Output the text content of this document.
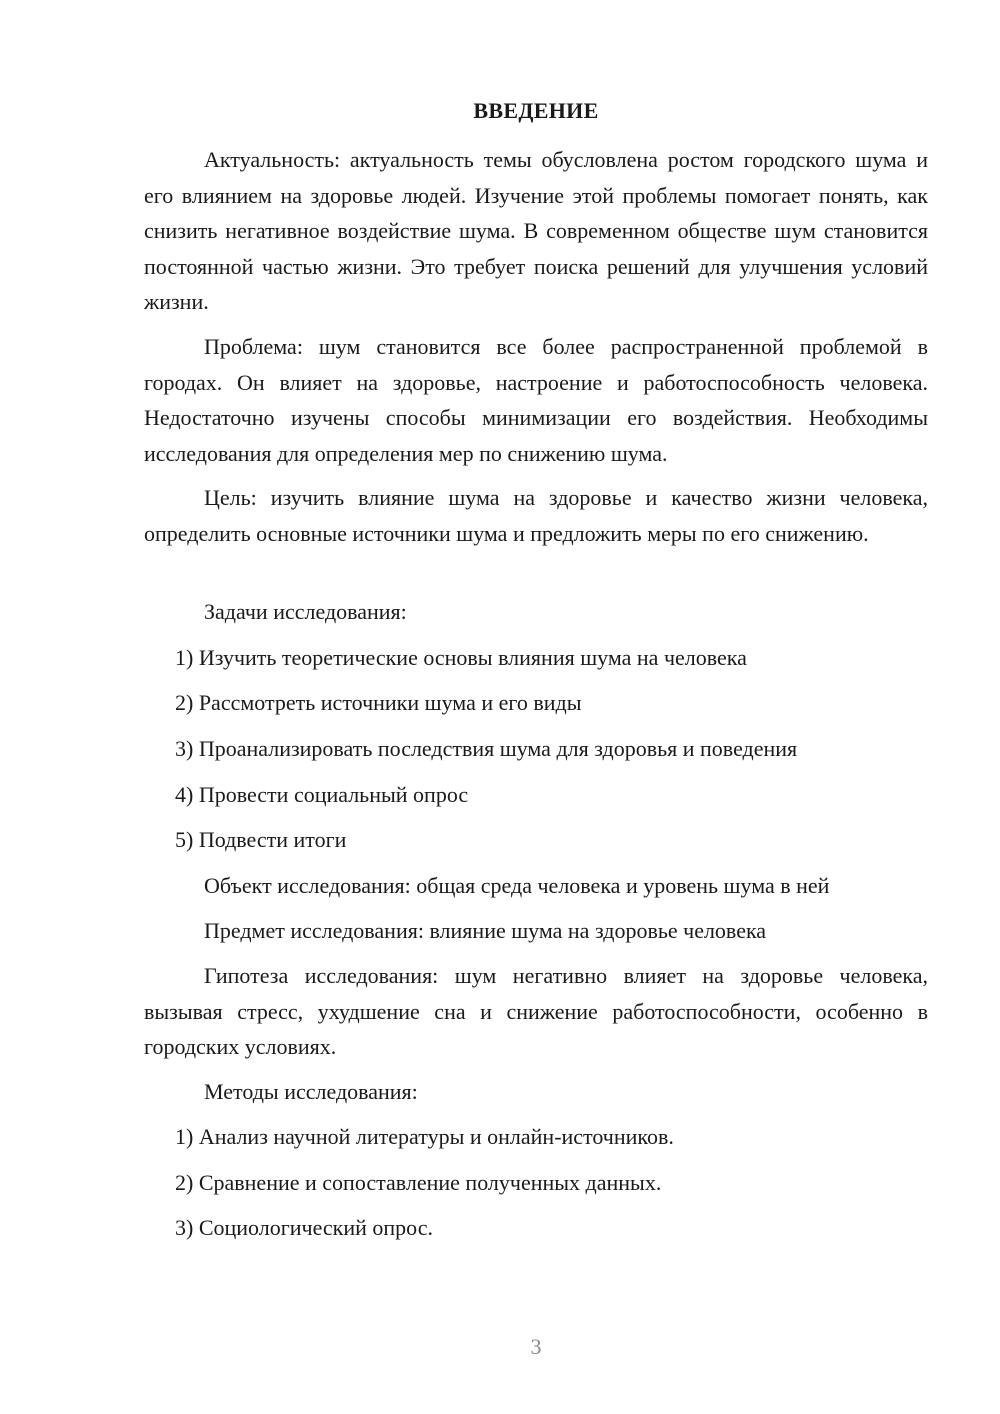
ВВЕДЕНИЕ

Актуальность: актуальность темы обусловлена ростом городского шума и его влиянием на здоровье людей. Изучение этой проблемы помогает понять, как снизить негативное воздействие шума. В современном обществе шум становится постоянной частью жизни. Это требует поиска решений для улучшения условий жизни.

Проблема: шум становится все более распространенной проблемой в городах. Он влияет на здоровье, настроение и работоспособность человека. Недостаточно изучены способы минимизации его воздействия. Необходимы исследования для определения мер по снижению шума.

Цель: изучить влияние шума на здоровье и качество жизни человека, определить основные источники шума и предложить меры по его снижению.

Задачи исследования:

1) Изучить теоретические основы влияния шума на человека

2) Рассмотреть источники шума и его виды

3) Проанализировать последствия шума для здоровья и поведения

4) Провести социальный опрос

5) Подвести итоги

Объект исследования: общая среда человека и уровень шума в ней

Предмет исследования: влияние шума на здоровье человека

Гипотеза исследования: шум негативно влияет на здоровье человека, вызывая стресс, ухудшение сна и снижение работоспособности, особенно в городских условиях.

Методы исследования:

1) Анализ научной литературы и онлайн-источников.

2) Сравнение и сопоставление полученных данных.

3) Социологический опрос.

3
